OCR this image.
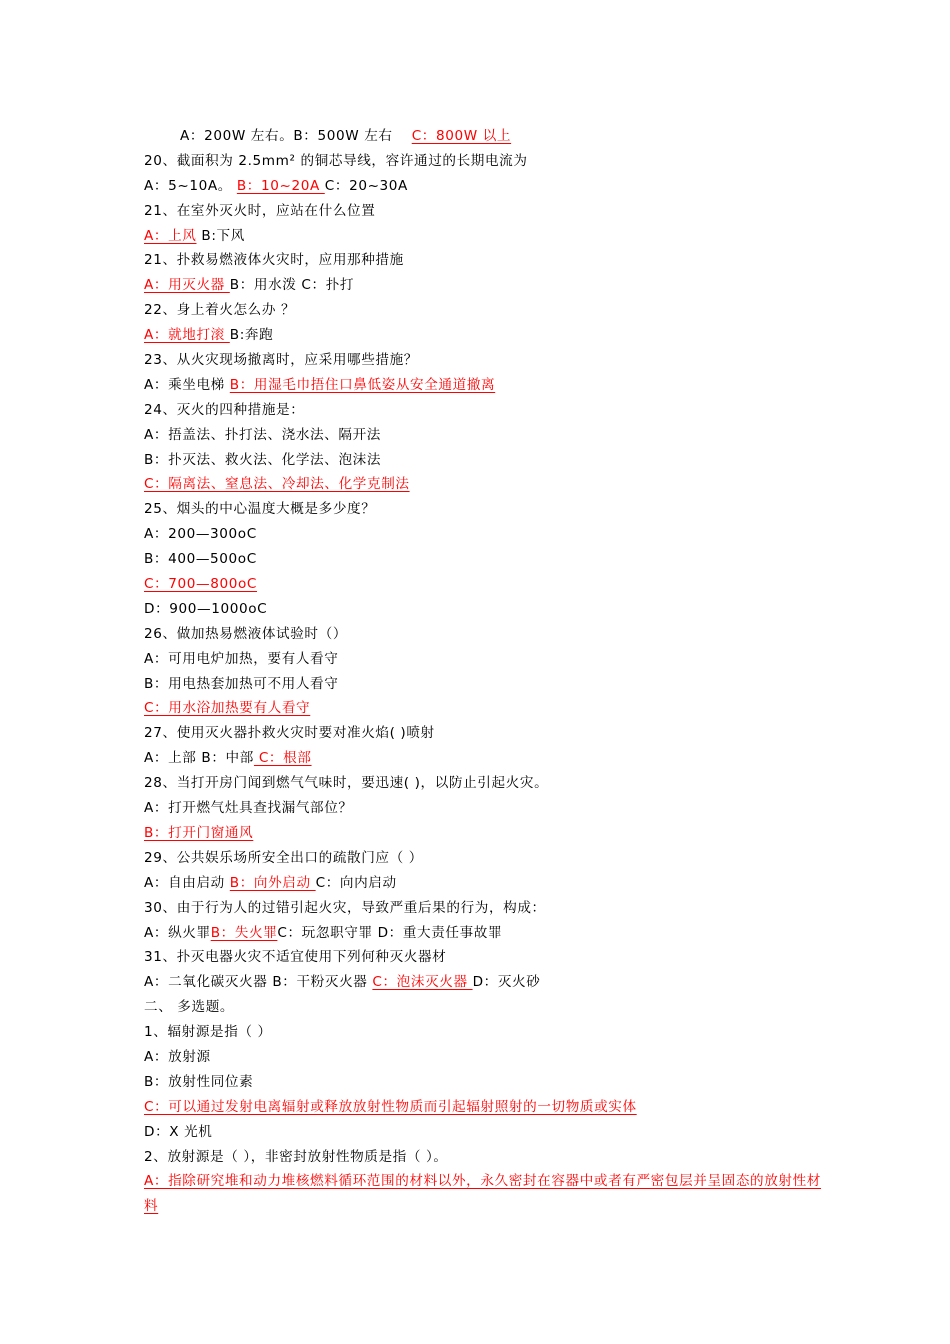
A：200W 左右。B：500W 左右　 C：800W 以上
20、截面积为 2.5mm² 的铜芯导线，容许通过的长期电流为
A：5~10A。 B：10~20A C：20~30A
21、在室外灭火时，应站在什么位置
A：上风 B:下风
21、扑救易燃液体火灾时，应用那种措施
A：用灭火器 B：用水泼 C：扑打
22、身上着火怎么办 ？
A：就地打滚 B:奔跑
23、从火灾现场撤离时，应采用哪些措施？
A：乘坐电梯 B：用湿毛巾捂住口鼻低姿从安全通道撤离
24、灭火的四种措施是：
A：捂盖法、扑打法、浇水法、隔开法
B：扑灭法、救火法、化学法、泡沫法
C：隔离法、窒息法、冷却法、化学克制法
25、烟头的中心温度大概是多少度？
A：200—300oC
B：400—500oC
C：700—800oC
D：900—1000oC
26、做加热易燃液体试验时（）
A：可用电炉加热，要有人看守
B：用电热套加热可不用人看守
C：用水浴加热要有人看守
27、使用灭火器扑救火灾时要对准火焰( )喷射
A：上部 B：中部 C：根部
28、当打开房门闻到燃气气味时，要迅速( )，以防止引起火灾。
A：打开燃气灶具查找漏气部位？
B：打开门窗通风
29、公共娱乐场所安全出口的疏散门应（ ）
A：自由启动 B：向外启动 C：向内启动
30、由于行为人的过错引起火灾，导致严重后果的行为，构成：
A：纵火罪B：失火罪C：玩忽职守罪 D：重大责任事故罪
31、扑灭电器火灾不适宜使用下列何种灭火器材
A：二氧化碳灭火器 B：干粉灭火器 C：泡沫灭火器 D：灭火砂
二、 多选题。
1、辐射源是指（ ）
A：放射源
B：放射性同位素
C：可以通过发射电离辐射或释放放射性物质而引起辐射照射的一切物质或实体
D：X 光机
2、放射源是（ ），非密封放射性物质是指（ ）。
A：指除研究堆和动力堆核燃料循环范围的材料以外，永久密封在容器中或者有严密包层并呈固态的放射性材料
